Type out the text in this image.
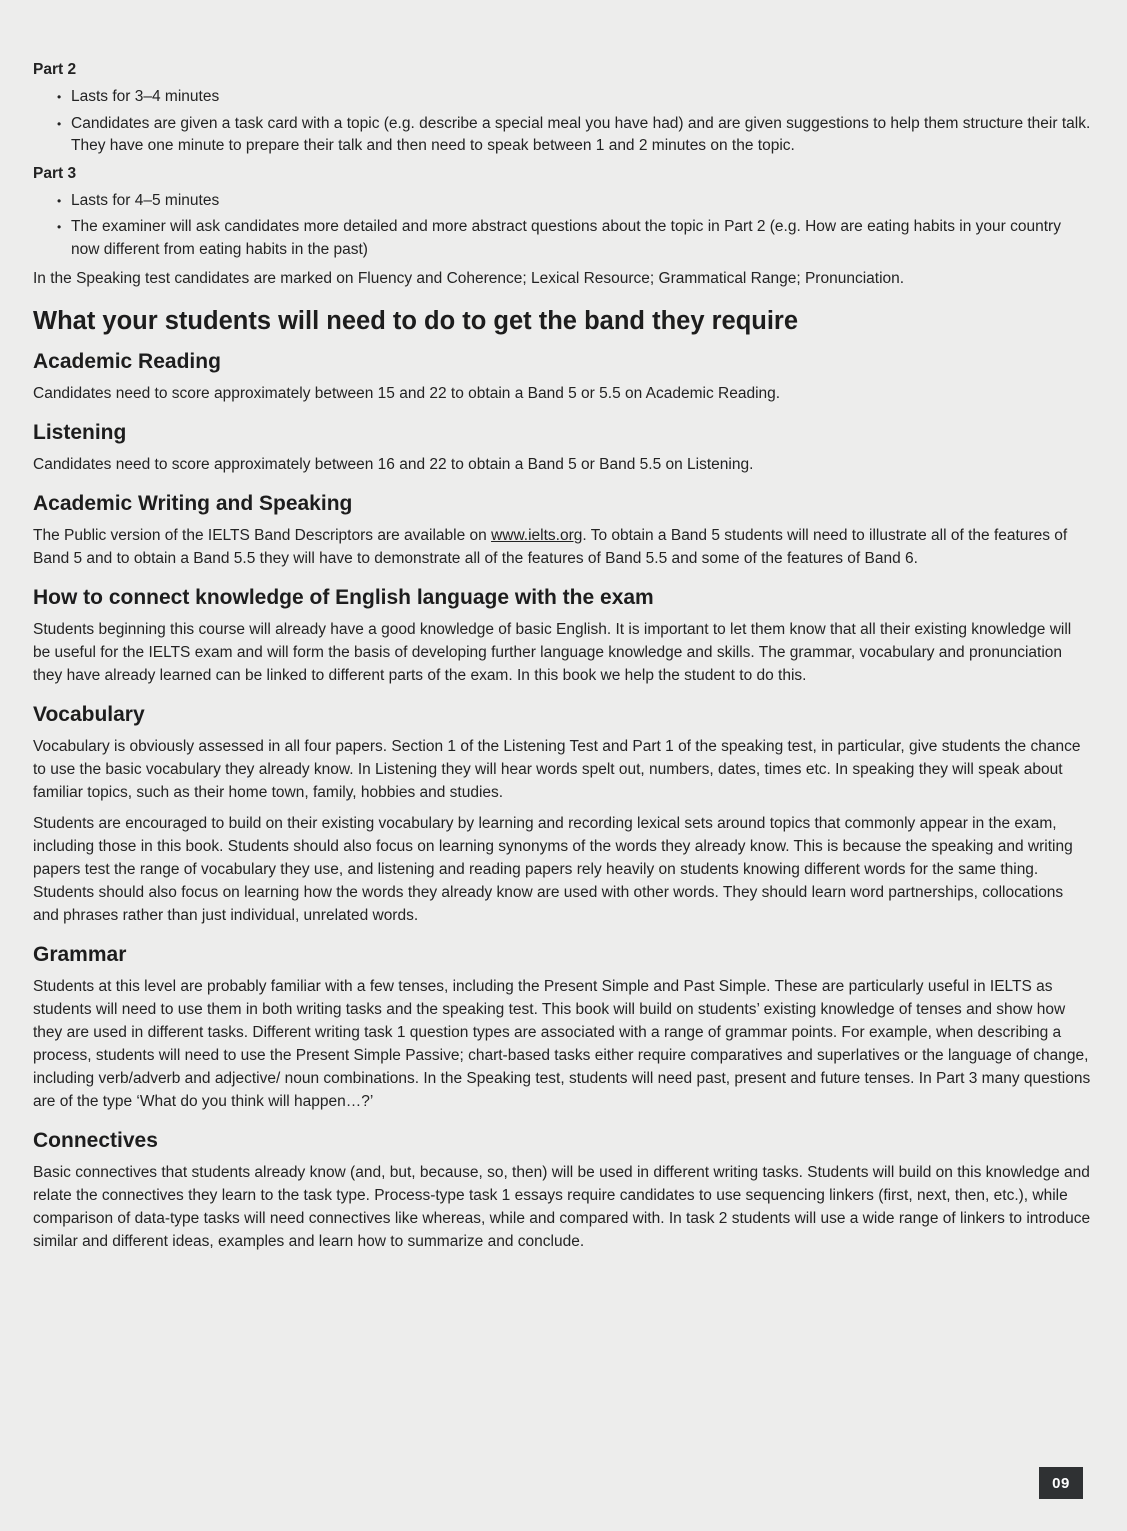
Part 2
• Lasts for 3–4 minutes
• Candidates are given a task card with a topic (e.g. describe a special meal you have had) and are given suggestions to help them structure their talk. They have one minute to prepare their talk and then need to speak between 1 and 2 minutes on the topic.
Part 3
• Lasts for 4–5 minutes
• The examiner will ask candidates more detailed and more abstract questions about the topic in Part 2 (e.g. How are eating habits in your country now different from eating habits in the past)

In the Speaking test candidates are marked on Fluency and Coherence; Lexical Resource; Grammatical Range; Pronunciation.

What your students will need to do to get the band they require
Academic Reading

Candidates need to score approximately between 15 and 22 to obtain a Band 5 or 5.5 on Academic Reading.

Listening

Candidates need to score approximately between 16 and 22 to obtain a Band 5 or Band 5.5 on Listening.

Academic Writing and Speaking

The Public version of the IELTS Band Descriptors are available on www.ielts.org. To obtain a Band 5 students will need to illustrate all of the features of Band 5 and to obtain a Band 5.5 they will have to demonstrate all of the features of Band 5.5 and some of the features of Band 6.

How to connect knowledge of English language with the exam

Students beginning this course will already have a good knowledge of basic English. It is important to let them know that all their existing knowledge will be useful for the IELTS exam and will form the basis of developing further language knowledge and skills. The grammar, vocabulary and pronunciation they have already learned can be linked to different parts of the exam. In this book we help the student to do this.

Vocabulary

Vocabulary is obviously assessed in all four papers. Section 1 of the Listening Test and Part 1 of the speaking test, in particular, give students the chance to use the basic vocabulary they already know. In Listening they will hear words spelt out, numbers, dates, times etc. In speaking they will speak about familiar topics, such as their home town, family, hobbies and studies.

Students are encouraged to build on their existing vocabulary by learning and recording lexical sets around topics that commonly appear in the exam, including those in this book. Students should also focus on learning synonyms of the words they already know. This is because the speaking and writing papers test the range of vocabulary they use, and listening and reading papers rely heavily on students knowing different words for the same thing. Students should also focus on learning how the words they already know are used with other words. They should learn word partnerships, collocations and phrases rather than just individual, unrelated words.

Grammar

Students at this level are probably familiar with a few tenses, including the Present Simple and Past Simple. These are particularly useful in IELTS as students will need to use them in both writing tasks and the speaking test. This book will build on students’ existing knowledge of tenses and show how they are used in different tasks. Different writing task 1 question types are associated with a range of grammar points. For example, when describing a process, students will need to use the Present Simple Passive; chart-based tasks either require comparatives and superlatives or the language of change, including verb/adverb and adjective/ noun combinations. In the Speaking test, students will need past, present and future tenses. In Part 3 many questions are of the type ‘What do you think will happen…?’

Connectives

Basic connectives that students already know (and, but, because, so, then) will be used in different writing tasks. Students will build on this knowledge and relate the connectives they learn to the task type. Process-type task 1 essays require candidates to use sequencing linkers (first, next, then, etc.), while comparison of data-type tasks will need connectives like whereas, while and compared with. In task 2 students will use a wide range of linkers to introduce similar and different ideas, examples and learn how to summarize and conclude.

09
